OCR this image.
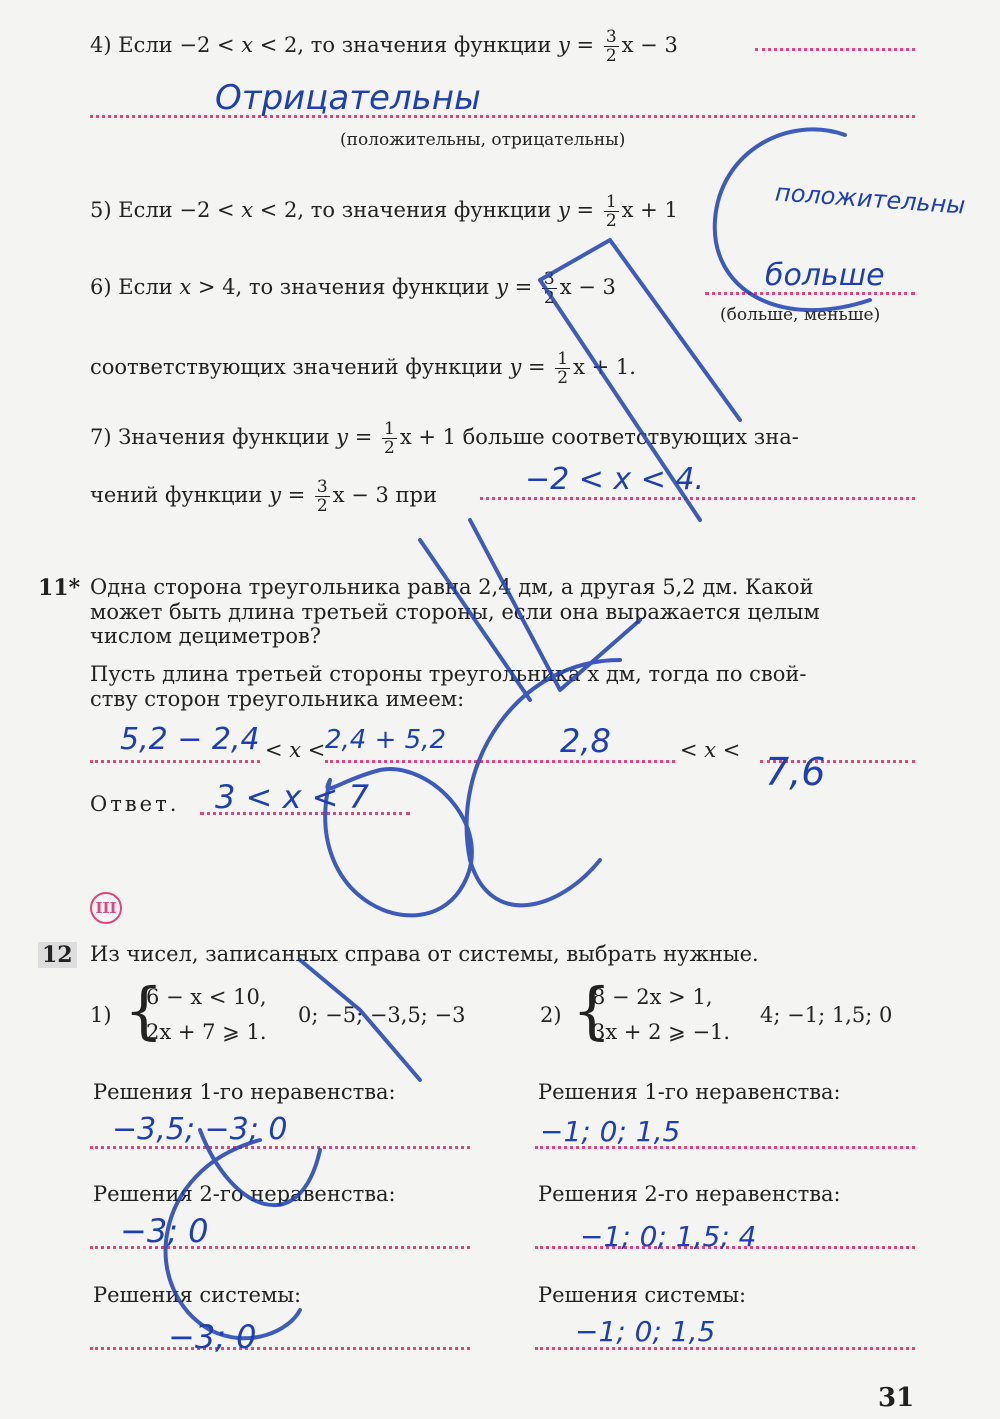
4) Если −2 < x < 2, то значения функции $y = \frac{3}{2}$ x − 3
Отрицательны
(положительны, отрицательны)
5) Если −2 < x < 2, то значения функции $y = \frac{1}{2}$ x + 1	положительны
6) Если x > 4, то значения функции $y = \frac{3}{2}$ x − 3	больше
(больше, меньше)
соответствующих значений функции $y = \frac{1}{2}$ x + 1.
7) Значения функции $y = \frac{1}{2}$ x + 1 больше соответствующих зна-
чений функции $y = \frac{3}{2}$ x − 3 при	−2 < x < 4.
11* Одна сторона треугольника равна 2,4 дм, а другая 5,2 дм. Какой
может быть длина третьей стороны, если она выражается целым
числом дециметров?
Пусть длина третьей стороны треугольника x дм, тогда по свой-
ству сторон треугольника имеем:
< x <	< x <
5,2 − 2,4	2,4 + 5,2	2,8
7,6
Ответ. 3 < x < 7
III
12 Из чисел, записанных справа от системы, выбрать нужные.
1) {
6 − x < 10,
2x + 7 ⩾ 1.
0; −5; −3,5; −3	2) {
8 − 2x > 1,
3x + 2 ⩾ −1.
4; −1; 1,5; 0
Решения 1-го неравенства:
−3,5; −3; 0
Решения 2-го неравенства:
−3; 0
Решения системы:
−3; 0
Решения 1-го неравенства:
−1; 0; 1,5
Решения 2-го неравенства:
−1; 0; 1,5; 4
Решения системы:
−1; 0; 1,5
31
